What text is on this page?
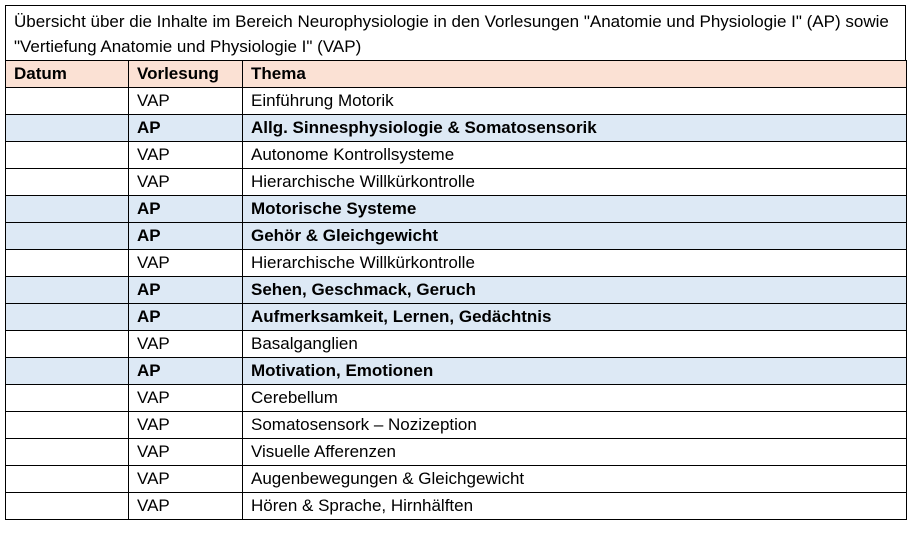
Übersicht über die Inhalte im Bereich Neurophysiologie in den Vorlesungen "Anatomie und Physiologie I" (AP) sowie "Vertiefung Anatomie und Physiologie I" (VAP)
Datum	Vorlesung	Thema
	VAP	Einführung Motorik
	AP	Allg. Sinnesphysiologie & Somatosensorik
	VAP	Autonome Kontrollsysteme
	VAP	Hierarchische Willkürkontrolle
	AP	Motorische Systeme
	AP	Gehör & Gleichgewicht
	VAP	Hierarchische Willkürkontrolle
	AP	Sehen, Geschmack, Geruch
	AP	Aufmerksamkeit, Lernen, Gedächtnis
	VAP	Basalganglien
	AP	Motivation, Emotionen
	VAP	Cerebellum
	VAP	Somatosensork – Nozizeption
	VAP	Visuelle Afferenzen
	VAP	Augenbewegungen & Gleichgewicht
	VAP	Hören & Sprache, Hirnhälften
